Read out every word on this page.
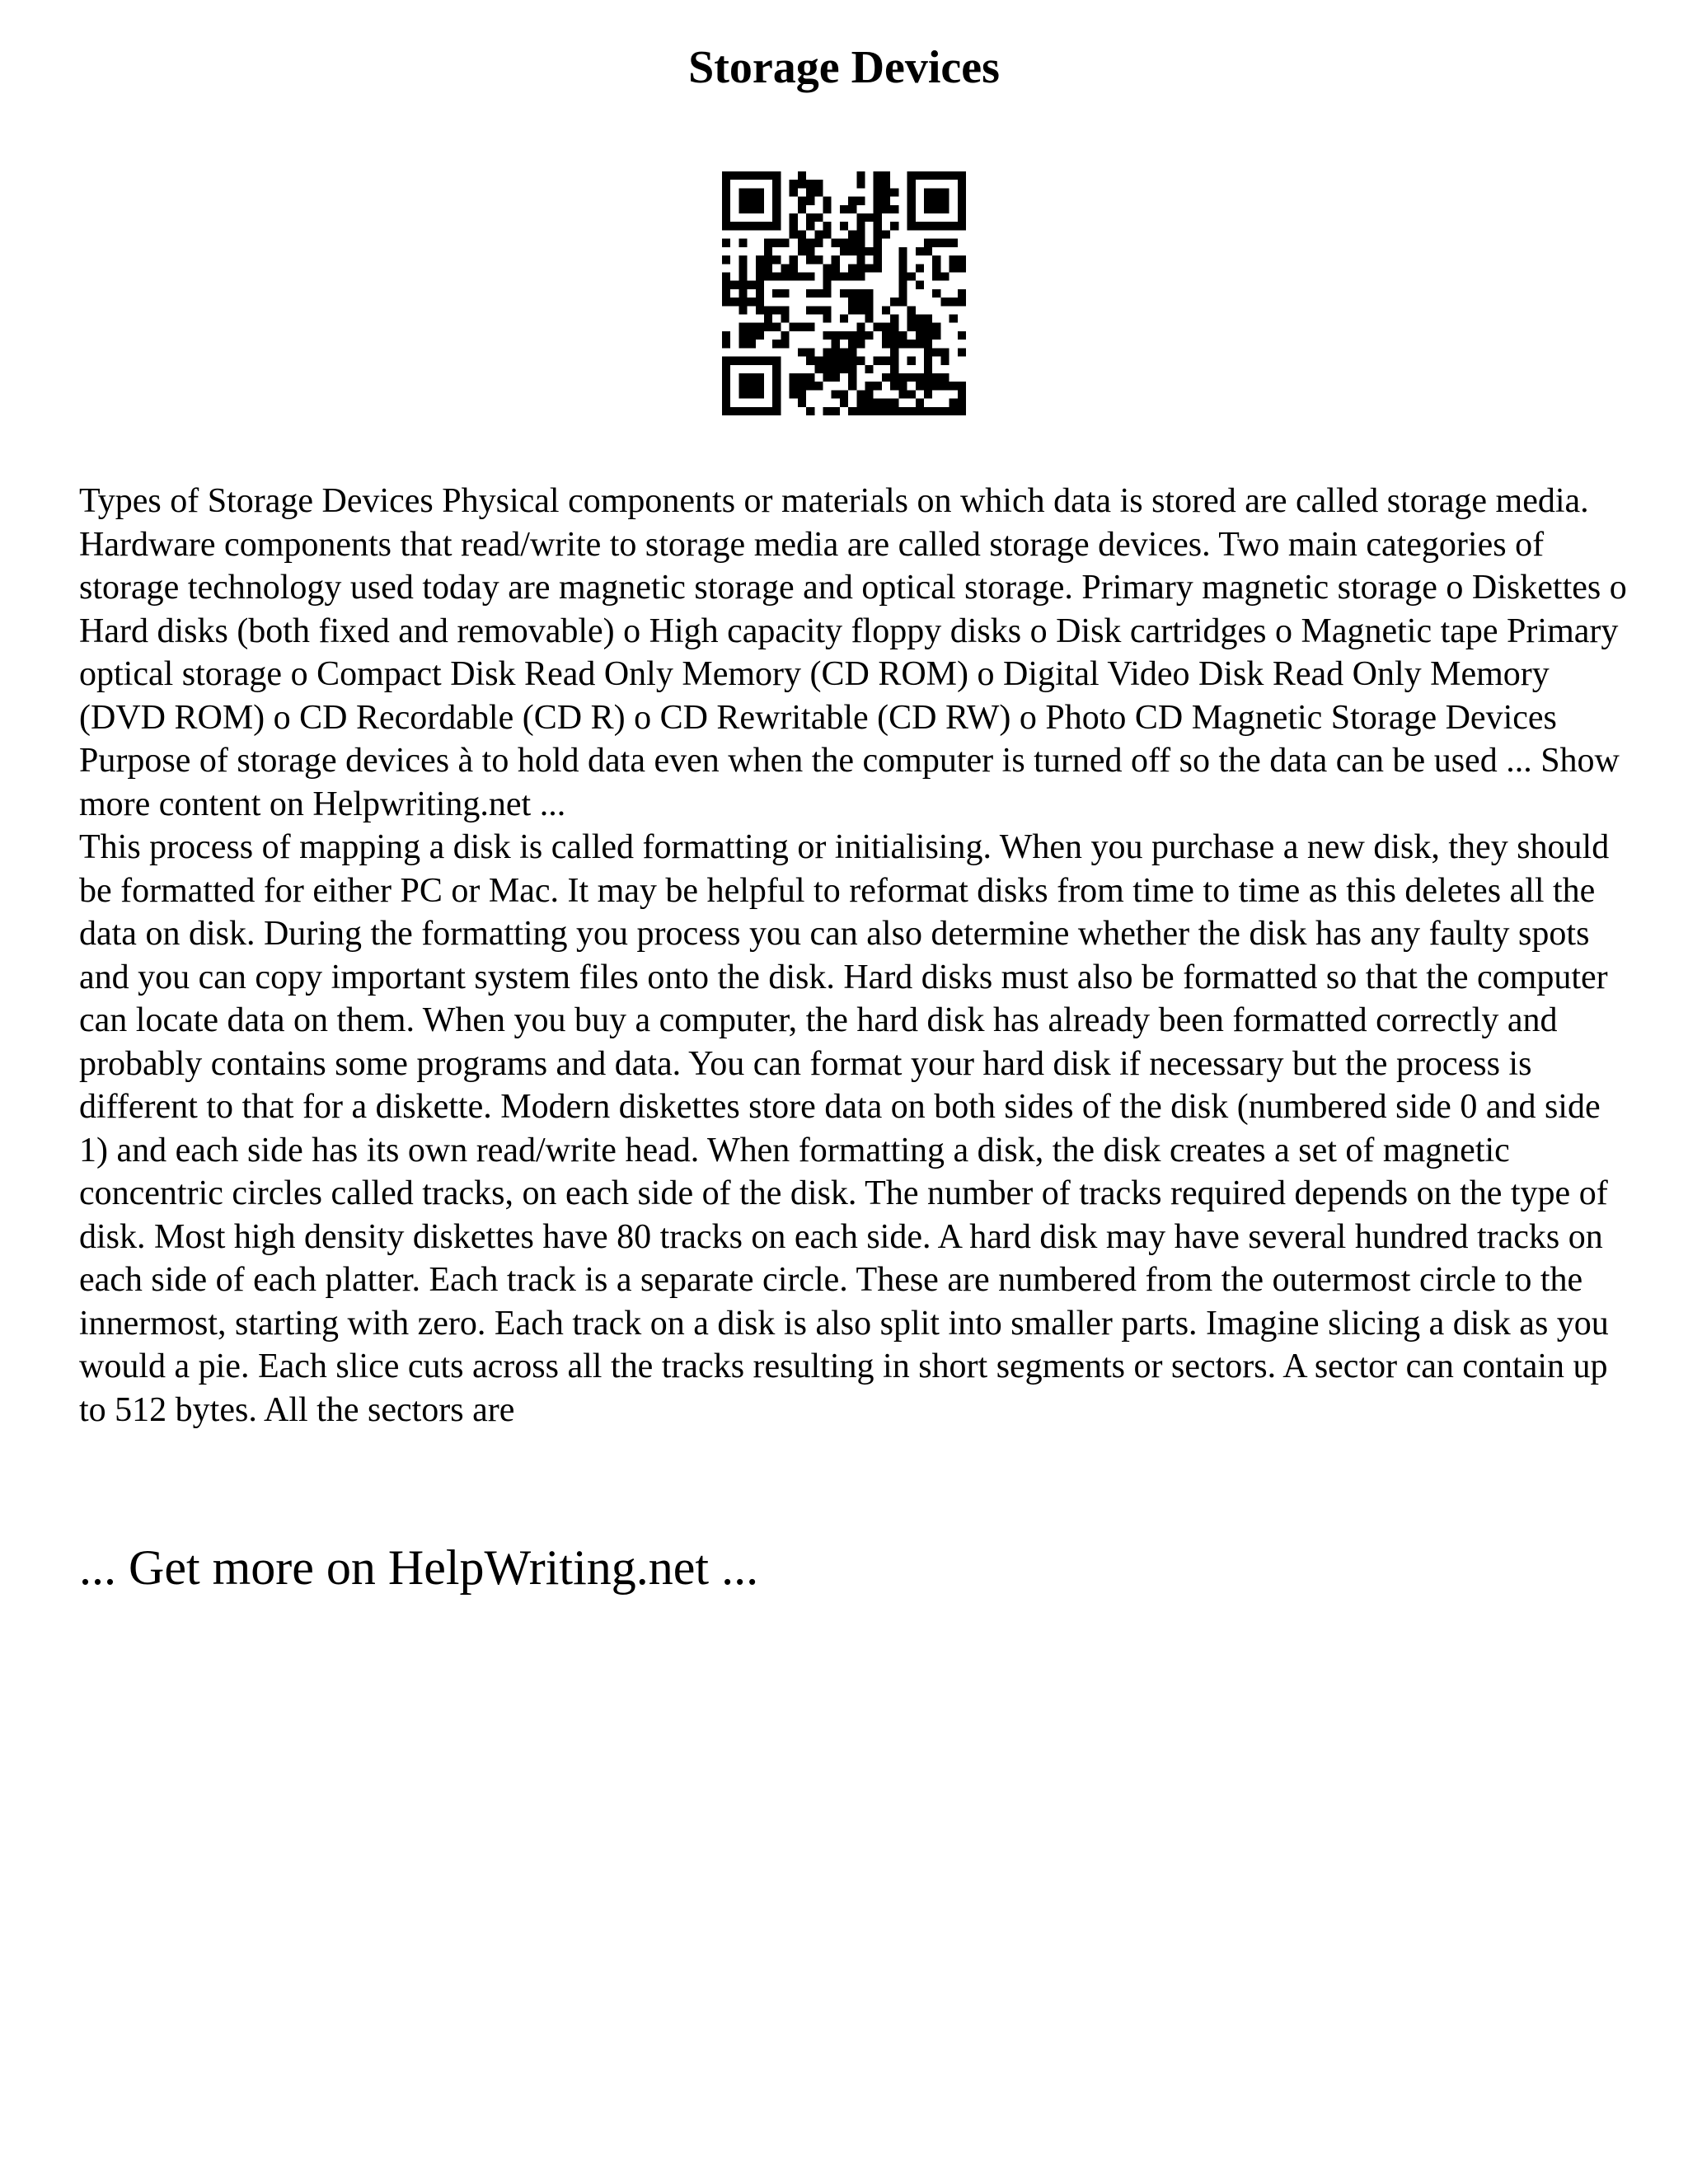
Storage Devices

Types of Storage Devices Physical components or materials on which data is stored are called storage media. Hardware components that read/write to storage media are called storage devices. Two main categories of storage technology used today are magnetic storage and optical storage. Primary magnetic storage o Diskettes o Hard disks (both fixed and removable) o High capacity floppy disks o Disk cartridges o Magnetic tape Primary optical storage o Compact Disk Read Only Memory (CD ROM) o Digital Video Disk Read Only Memory (DVD ROM) o CD Recordable (CD R) o CD Rewritable (CD RW) o Photo CD Magnetic Storage Devices Purpose of storage devices à to hold data even when the computer is turned off so the data can be used ... Show more content on Helpwriting.net ...

This process of mapping a disk is called formatting or initialising. When you purchase a new disk, they should be formatted for either PC or Mac. It may be helpful to reformat disks from time to time as this deletes all the data on disk. During the formatting you process you can also determine whether the disk has any faulty spots and you can copy important system files onto the disk. Hard disks must also be formatted so that the computer can locate data on them. When you buy a computer, the hard disk has already been formatted correctly and probably contains some programs and data. You can format your hard disk if necessary but the process is different to that for a diskette. Modern diskettes store data on both sides of the disk (numbered side 0 and side 1) and each side has its own read/write head. When formatting a disk, the disk creates a set of magnetic concentric circles called tracks, on each side of the disk. The number of tracks required depends on the type of disk. Most high density diskettes have 80 tracks on each side. A hard disk may have several hundred tracks on each side of each platter. Each track is a separate circle. These are numbered from the outermost circle to the innermost, starting with zero. Each track on a disk is also split into smaller parts. Imagine slicing a disk as you would a pie. Each slice cuts across all the tracks resulting in short segments or sectors. A sector can contain up to 512 bytes. All the sectors are

... Get more on HelpWriting.net ...
